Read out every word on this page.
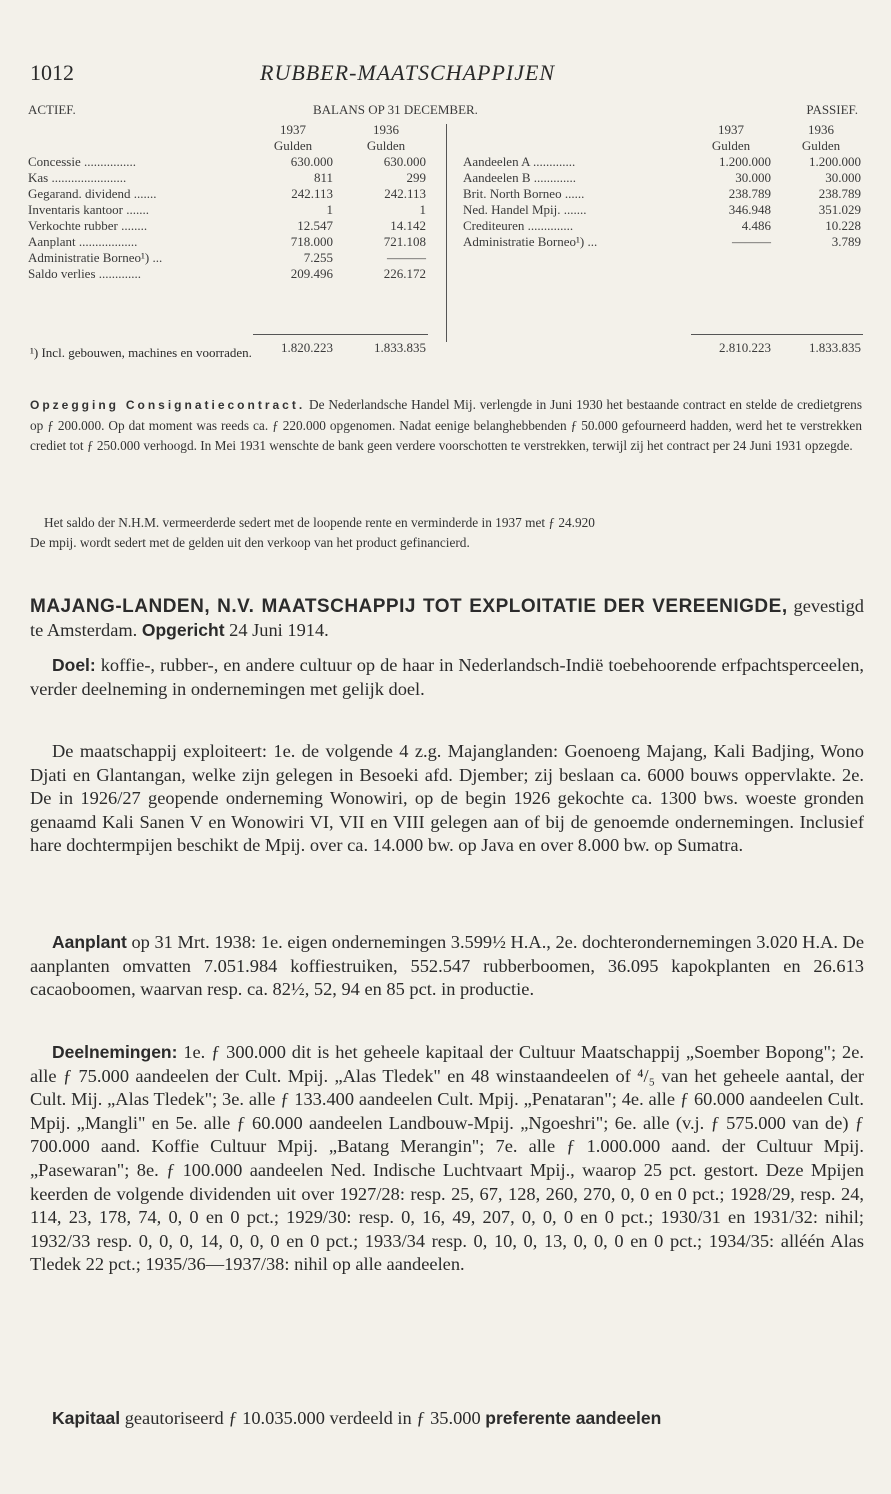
1012	RUBBER-MAATSCHAPPIJEN
ACTIEF.	BALANS OP 31 DECEMBER.	PASSIEF.
1937	1936
Gulden	Gulden
Concessie ................	630.000	630.000
Kas .......................	811	299
Gegarand. dividend .......	242.113	242.113
Inventaris kantoor .......	1	1
Verkochte rubber ........	12.547	14.142
Aanplant ..................	718.000	721.108
Administratie Borneo¹) ...	7.255	———
Saldo verlies .............	209.496	226.172
1.820.223	1.833.835
1937	1936
Gulden	Gulden
Aandeelen A .............	1.200.000	1.200.000
Aandeelen B .............	30.000	30.000
Brit. North Borneo ......	238.789	238.789
Ned. Handel Mpij. .......	346.948	351.029
Crediteuren ..............	4.486	10.228
Administratie Borneo¹) ...	———	3.789
2.810.223	1.833.835
¹) Incl. gebouwen, machines en voorraden.
Opzegging Consignatiecontract. De Nederlandsche Handel Mij. verlengde in Juni 1930 het bestaande contract en stelde de credietgrens op ƒ 200.000. Op dat moment was reeds ca. ƒ 220.000 opgenomen. Nadat eenige belanghebbenden ƒ 50.000 gefourneerd hadden, werd het te verstrekken crediet tot ƒ 250.000 verhoogd. In Mei 1931 wenschte de bank geen verdere voorschotten te verstrekken, terwijl zij het contract per 24 Juni 1931 opzegde.
Het saldo der N.H.M. vermeerderde sedert met de loopende rente en verminderde in 1937 met ƒ 24.920
De mpij. wordt sedert met de gelden uit den verkoop van het product gefinancierd.
MAJANG-LANDEN, N.V. MAATSCHAPPIJ TOT EXPLOITATIE DER VEREENIGDE, gevestigd te Amsterdam. Opgericht 24 Juni 1914.
Doel: koffie-, rubber-, en andere cultuur op de haar in Nederlandsch-Indië toebehoorende erfpachtsperceelen, verder deelneming in ondernemingen met gelijk doel.
De maatschappij exploiteert: 1e. de volgende 4 z.g. Majanglanden: Goenoeng Majang, Kali Badjing, Wono Djati en Glantangan, welke zijn gelegen in Besoeki afd. Djember; zij beslaan ca. 6000 bouws oppervlakte. 2e. De in 1926/27 geopende onderneming Wonowiri, op de begin 1926 gekochte ca. 1300 bws. woeste gronden genaamd Kali Sanen V en Wonowiri VI, VII en VIII gelegen aan of bij de genoemde ondernemingen. Inclusief hare dochtermpijen beschikt de Mpij. over ca. 14.000 bw. op Java en over 8.000 bw. op Sumatra.
Aanplant op 31 Mrt. 1938: 1e. eigen ondernemingen 3.599½ H.A., 2e. dochterondernemingen 3.020 H.A. De aanplanten omvatten 7.051.984 koffiestruiken, 552.547 rubberboomen, 36.095 kapokplanten en 26.613 cacaoboomen, waarvan resp. ca. 82½, 52, 94 en 85 pct. in productie.
Deelnemingen: 1e. ƒ 300.000 dit is het geheele kapitaal der Cultuur Maatschappij „Soember Bopong"; 2e. alle ƒ 75.000 aandeelen der Cult. Mpij. „Alas Tledek" en 48 winstaandeelen of ⁴/₅ van het geheele aantal, der Cult. Mij. „Alas Tledek"; 3e. alle ƒ 133.400 aandeelen Cult. Mpij. „Penataran"; 4e. alle ƒ 60.000 aandeelen Cult. Mpij. „Mangli" en 5e. alle ƒ 60.000 aandeelen Landbouw-Mpij. „Ngoeshri"; 6e. alle (v.j. ƒ 575.000 van de) ƒ 700.000 aand. Koffie Cultuur Mpij. „Batang Merangin"; 7e. alle ƒ 1.000.000 aand. der Cultuur Mpij. „Pasewaran"; 8e. ƒ 100.000 aandeelen Ned. Indische Luchtvaart Mpij., waarop 25 pct. gestort. Deze Mpijen keerden de volgende dividenden uit over 1927/28: resp. 25, 67, 128, 260, 270, 0, 0 en 0 pct.; 1928/29, resp. 24, 114, 23, 178, 74, 0, 0 en 0 pct.; 1929/30: resp. 0, 16, 49, 207, 0, 0, 0 en 0 pct.; 1930/31 en 1931/32: nihil; 1932/33 resp. 0, 0, 0, 14, 0, 0, 0 en 0 pct.; 1933/34 resp. 0, 10, 0, 13, 0, 0, 0 en 0 pct.; 1934/35: alléén Alas Tledek 22 pct.; 1935/36—1937/38: nihil op alle aandeelen.
Kapitaal geautoriseerd ƒ 10.035.000 verdeeld in ƒ 35.000 preferente aandeelen
